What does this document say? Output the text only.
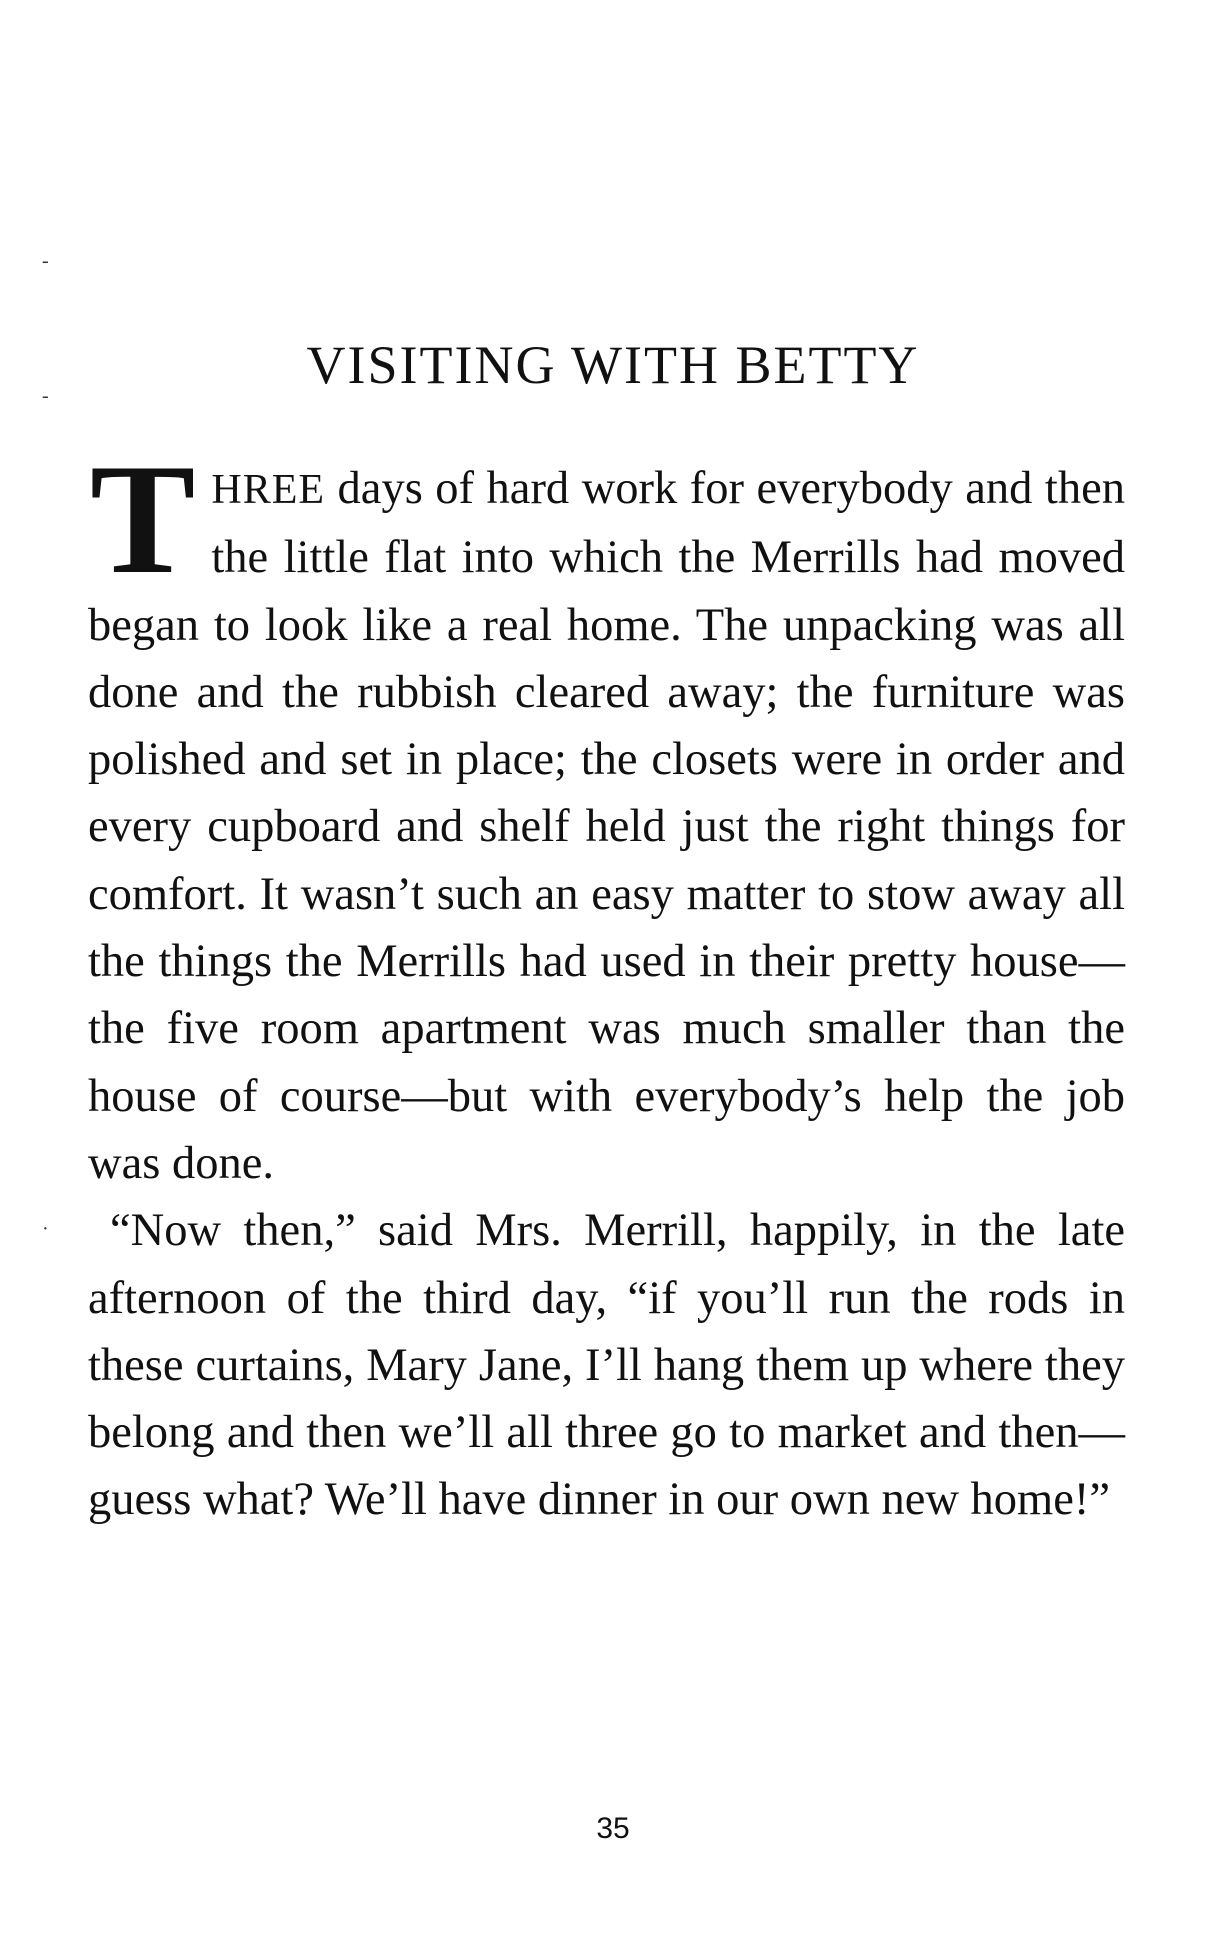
-
-
·
VISITING WITH BETTY

THREE days of hard work for everybody and then the little flat into which the Merrills had moved began to look like a real home. The unpacking was all done and the rubbish cleared away; the furniture was polished and set in place; the closets were in order and every cupboard and shelf held just the right things for comfort. It wasn’t such an easy matter to stow away all the things the Merrills had used in their pretty house—the five room apartment was much smaller than the house of course—but with everybody’s help the job was done.

“Now then,” said Mrs. Merrill, happily, in the late afternoon of the third day, “if you’ll run the rods in these curtains, Mary Jane, I’ll hang them up where they belong and then we’ll all three go to market and then—guess what? We’ll have dinner in our own new home!”

35
